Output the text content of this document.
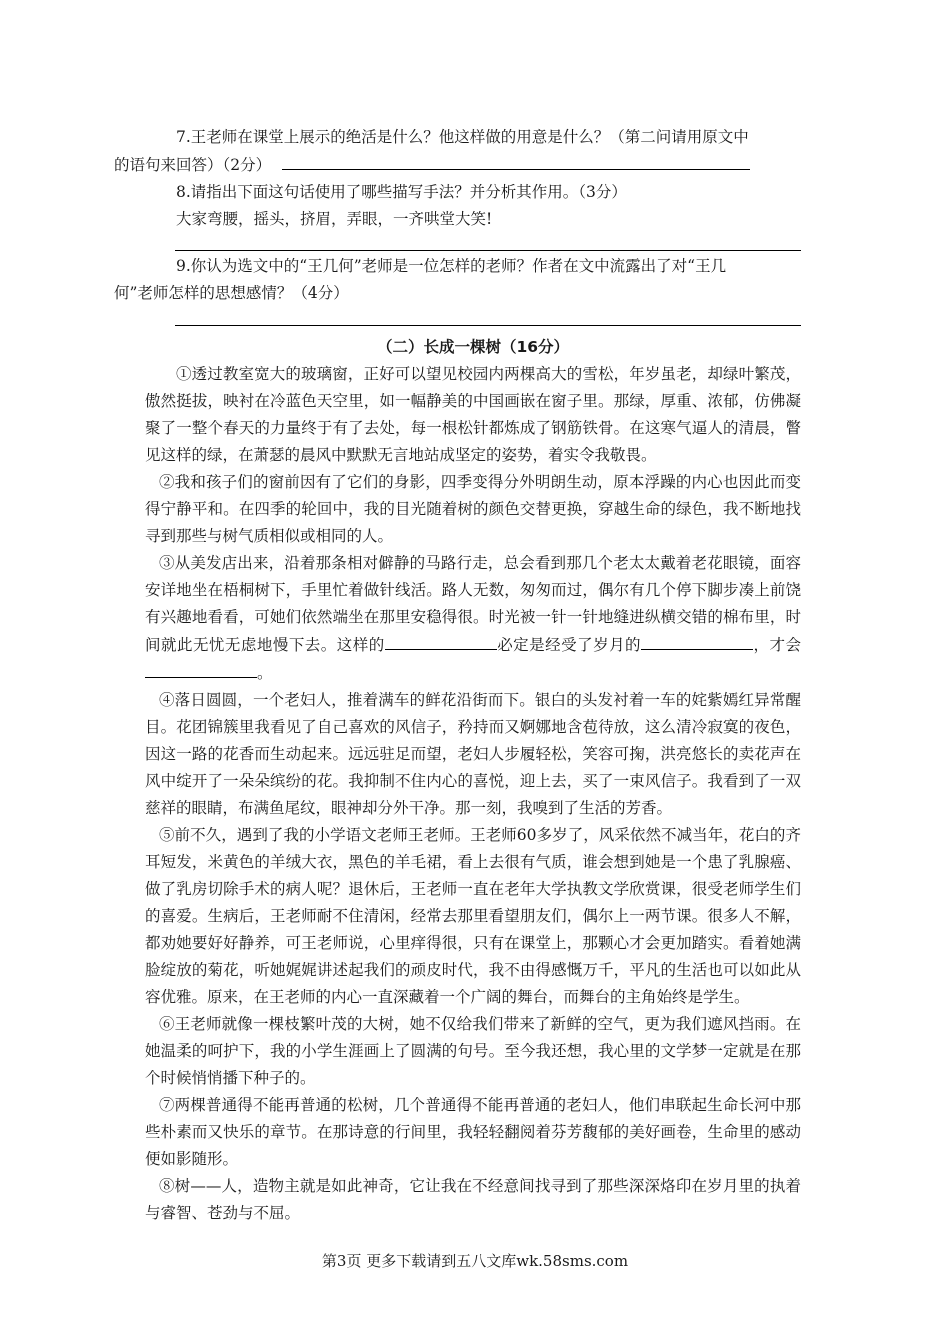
7.王老师在课堂上展示的绝活是什么？他这样做的用意是什么？（第二问请用原文中
的语句来回答）（2分）

8.请指出下面这句话使用了哪些描写手法？并分析其作用。（3分）

大家弯腰，摇头，挤眉，弄眼，一齐哄堂大笑!

9.你认为选文中的“王几何”老师是一位怎样的老师？作者在文中流露出了对“王几
何”老师怎样的思想感情？（4分）

（二）长成一棵树（16分）

①透过教室宽大的玻璃窗，正好可以望见校园内两棵高大的雪松，年岁虽老，却绿叶繁茂，傲然挺拔，映衬在冷蓝色天空里，如一幅静美的中国画嵌在窗子里。那绿，厚重、浓郁，仿佛凝聚了一整个春天的力量终于有了去处，每一根松针都炼成了钢筋铁骨。在这寒气逼人的清晨，瞥见这样的绿，在萧瑟的晨风中默默无言地站成坚定的姿势，着实令我敬畏。

②我和孩子们的窗前因有了它们的身影，四季变得分外明朗生动，原本浮躁的内心也因此而变得宁静平和。在四季的轮回中，我的目光随着树的颜色交替更换，穿越生命的绿色，我不断地找寻到那些与树气质相似或相同的人。

③从美发店出来，沿着那条相对僻静的马路行走，总会看到那几个老太太戴着老花眼镜，面容安详地坐在梧桐树下，手里忙着做针线活。路人无数，匆匆而过，偶尔有几个停下脚步凑上前饶有兴趣地看看，可她们依然端坐在那里安稳得很。时光被一针一针地缝进纵横交错的棉布里，时间就此无忧无虑地慢下去。这样的	必定是经受了岁月的	，才会。

④落日圆圆，一个老妇人，推着满车的鲜花沿街而下。银白的头发衬着一车的姹紫嫣红异常醒目。花团锦簇里我看见了自己喜欢的风信子，矜持而又婀娜地含苞待放，这么清冷寂寞的夜色，因这一路的花香而生动起来。远远驻足而望，老妇人步履轻松，笑容可掬，洪亮悠长的卖花声在风中绽开了一朵朵缤纷的花。我抑制不住内心的喜悦，迎上去，买了一束风信子。我看到了一双慈祥的眼睛，布满鱼尾纹，眼神却分外干净。那一刻，我嗅到了生活的芳香。

⑤前不久，遇到了我的小学语文老师王老师。王老师60多岁了，风采依然不减当年，花白的齐耳短发，米黄色的羊绒大衣，黑色的羊毛裙，看上去很有气质，谁会想到她是一个患了乳腺癌、做了乳房切除手术的病人呢？退休后，王老师一直在老年大学执教文学欣赏课，很受老师学生们的喜爱。生病后，王老师耐不住清闲，经常去那里看望朋友们，偶尔上一两节课。很多人不解，都劝她要好好静养，可王老师说，心里痒得很，只有在课堂上，那颗心才会更加踏实。看着她满脸绽放的菊花，听她娓娓讲述起我们的顽皮时代，我不由得感慨万千，平凡的生活也可以如此从容优雅。原来，在王老师的内心一直深藏着一个广阔的舞台，而舞台的主角始终是学生。

⑥王老师就像一棵枝繁叶茂的大树，她不仅给我们带来了新鲜的空气，更为我们遮风挡雨。在她温柔的呵护下，我的小学生涯画上了圆满的句号。至今我还想，我心里的文学梦一定就是在那个时候悄悄播下种子的。

⑦两棵普通得不能再普通的松树，几个普通得不能再普通的老妇人，他们串联起生命长河中那些朴素而又快乐的章节。在那诗意的行间里，我轻轻翻阅着芬芳馥郁的美好画卷，生命里的感动便如影随形。

⑧树——人，造物主就是如此神奇，它让我在不经意间找寻到了那些深深烙印在岁月里的执着与睿智、苍劲与不屈。

第3页 更多下载请到五八文库wk.58sms.com
